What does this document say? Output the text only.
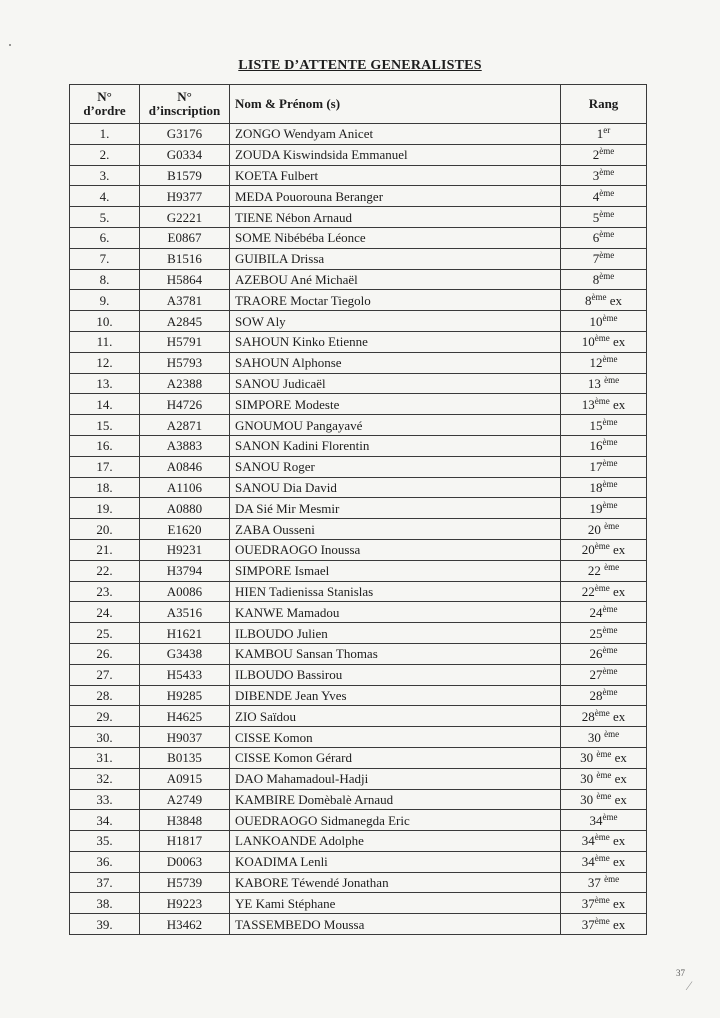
LISTE D’ATTENTE GENERALISTES
N°
d’ordre	N°
d’inscription	Nom & Prénom (s)	Rang
1.	G3176	ZONGO Wendyam Anicet	1er
2.	G0334	ZOUDA Kiswindsida Emmanuel	2ème
3.	B1579	KOETA Fulbert	3ème
4.	H9377	MEDA Pouorouna Beranger	4ème
5.	G2221	TIENE Nébon Arnaud	5ème
6.	E0867	SOME Nibébéba Léonce	6ème
7.	B1516	GUIBILA Drissa	7ème
8.	H5864	AZEBOU Ané Michaël	8ème
9.	A3781	TRAORE Moctar Tiegolo	8ème ex
10.	A2845	SOW Aly	10ème
11.	H5791	SAHOUN Kinko Etienne	10ème ex
12.	H5793	SAHOUN Alphonse	12ème
13.	A2388	SANOU Judicaël	13 $^{ème}$
14.	H4726	SIMPORE Modeste	13ème ex
15.	A2871	GNOUMOU Pangayavé	15ème
16.	A3883	SANON Kadini Florentin	16ème
17.	A0846	SANOU Roger	17ème
18.	A1106	SANOU Dia David	18ème
19.	A0880	DA Sié Mir Mesmir	19ème
20.	E1620	ZABA Ousseni	20 $^{ème}$
21.	H9231	OUEDRAOGO Inoussa	20ème ex
22.	H3794	SIMPORE Ismael	22 $^{ème}$
23.	A0086	HIEN Tadienissa Stanislas	22ème ex
24.	A3516	KANWE Mamadou	24ème
25.	H1621	ILBOUDO Julien	25ème
26.	G3438	KAMBOU Sansan Thomas	26ème
27.	H5433	ILBOUDO Bassirou	27ème
28.	H9285	DIBENDE Jean Yves	28ème
29.	H4625	ZIO Saïdou	28ème ex
30.	H9037	CISSE Komon	30 $^{ème}$
31.	B0135	CISSE Komon Gérard	30 $^{ème}$ ex
32.	A0915	DAO Mahamadoul-Hadji	30 $^{ème}$ ex
33.	A2749	KAMBIRE Domèbalè Arnaud	30 $^{ème}$ ex
34.	H3848	OUEDRAOGO Sidmanegda Eric	34ème
35.	H1817	LANKOANDE Adolphe	34ème ex
36.	D0063	KOADIMA Lenli	34ème ex
37.	H5739	KABORE Téwendé Jonathan	37 $^{ème}$
38.	H9223	YE Kami Stéphane	37ème ex
39.	H3462	TASSEMBEDO Moussa	37ème ex
37
⁄
